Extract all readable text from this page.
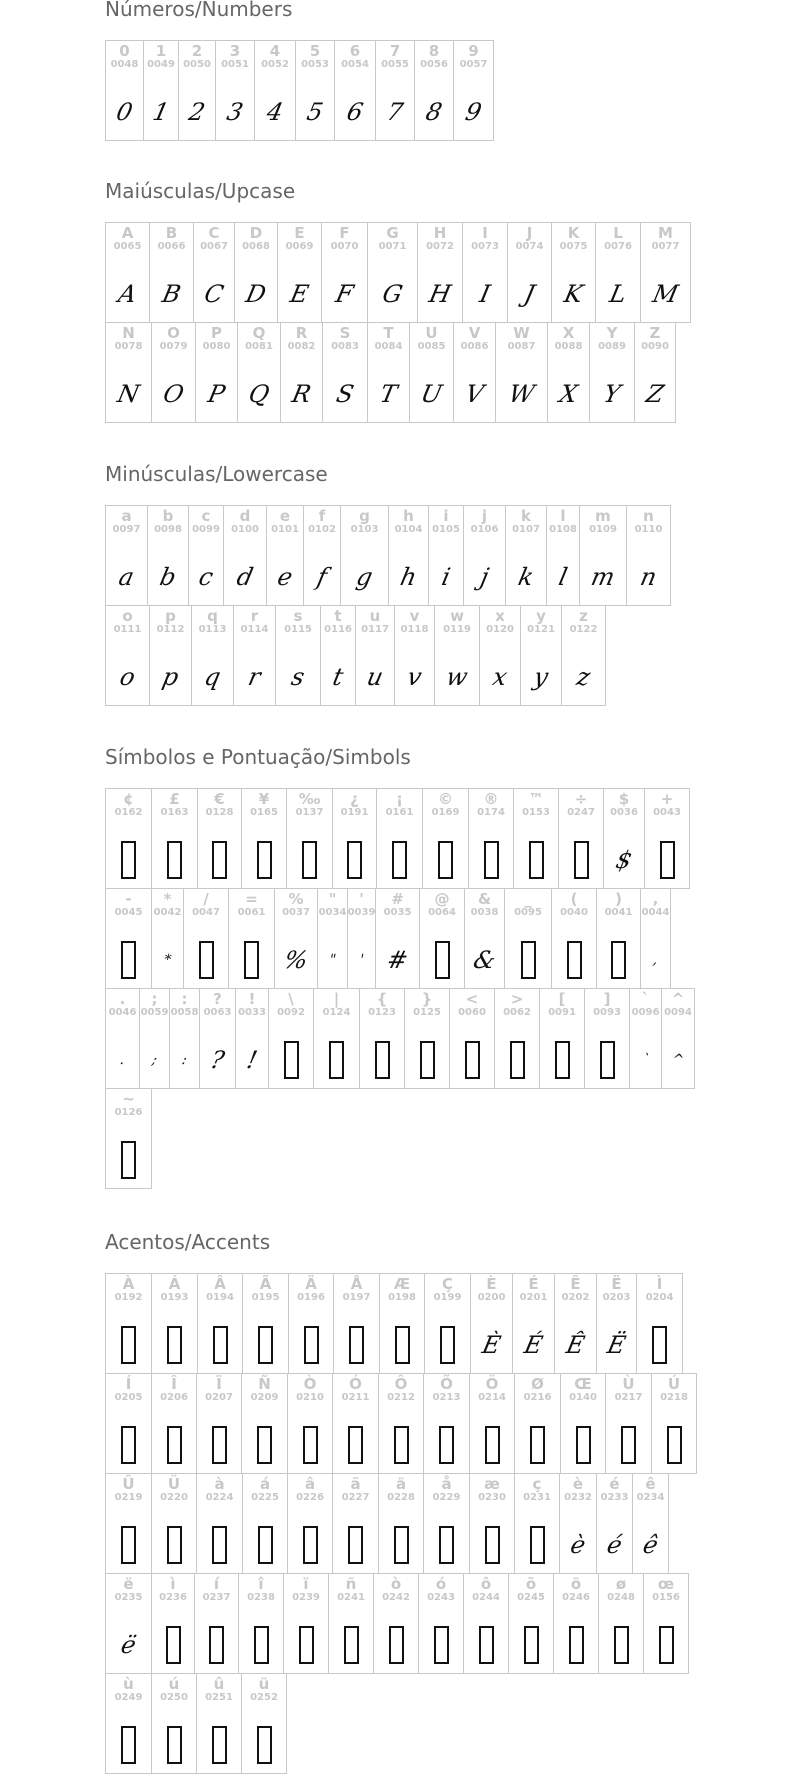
Números/Numbers
0
0048
0
1
0049
1
2
0050
2
3
0051
3
4
0052
4
5
0053
5
6
0054
6
7
0055
7
8
0056
8
9
0057
9
Maiúsculas/Upcase
A
0065
A
B
0066
B
C
0067
C
D
0068
D
E
0069
E
F
0070
F
G
0071
G
H
0072
H
I
0073
I
J
0074
J
K
0075
K
L
0076
L
M
0077
M
N
0078
N
O
0079
O
P
0080
P
Q
0081
Q
R
0082
R
S
0083
S
T
0084
T
U
0085
U
V
0086
V
W
0087
W
X
0088
X
Y
0089
Y
Z
0090
Z
Minúsculas/Lowercase
a
0097
a
b
0098
b
c
0099
c
d
0100
d
e
0101
e
f
0102
f
g
0103
g
h
0104
h
i
0105
i
j
0106
j
k
0107
k
l
0108
l
m
0109
m
n
0110
n
o
0111
o
p
0112
p
q
0113
q
r
0114
r
s
0115
s
t
0116
t
u
0117
u
v
0118
v
w
0119
w
x
0120
x
y
0121
y
z
0122
z
Símbolos e Pontuação/Simbols
¢
0162
£
0163
€
0128
¥
0165
‰
0137
¿
0191
¡
0161
©
0169
®
0174
™
0153
÷
0247
$
0036
$
+
0043
-
0045
*
0042
*
/
0047
=
0061
%
0037
%
"
0034
"
'
0039
'
#
0035
#
@
0064
&
0038
&
_
0095
(
0040
)
0041
,
0044
,
.
0046
.
;
0059
;
:
0058
:
?
0063
?
!
0033
!
\
0092
|
0124
{
0123
}
0125
<
0060
>
0062
[
0091
]
0093
`
0096
`
^
0094
^
~
0126
Acentos/Accents
À
0192
Á
0193
Â
0194
Ã
0195
Ä
0196
Å
0197
Æ
0198
Ç
0199
È
0200
È
É
0201
É
Ê
0202
Ê
Ë
0203
Ë
Ì
0204
Í
0205
Î
0206
Ï
0207
Ñ
0209
Ò
0210
Ó
0211
Ô
0212
Õ
0213
Ö
0214
Ø
0216
Œ
0140
Ù
0217
Ú
0218
Û
0219
Ü
0220
à
0224
á
0225
â
0226
ã
0227
ä
0228
å
0229
æ
0230
ç
0231
è
0232
è
é
0233
é
ê
0234
ê
ë
0235
ë
ì
0236
í
0237
î
0238
ï
0239
ñ
0241
ò
0242
ó
0243
ô
0244
õ
0245
ö
0246
ø
0248
œ
0156
ù
0249
ú
0250
û
0251
ü
0252
